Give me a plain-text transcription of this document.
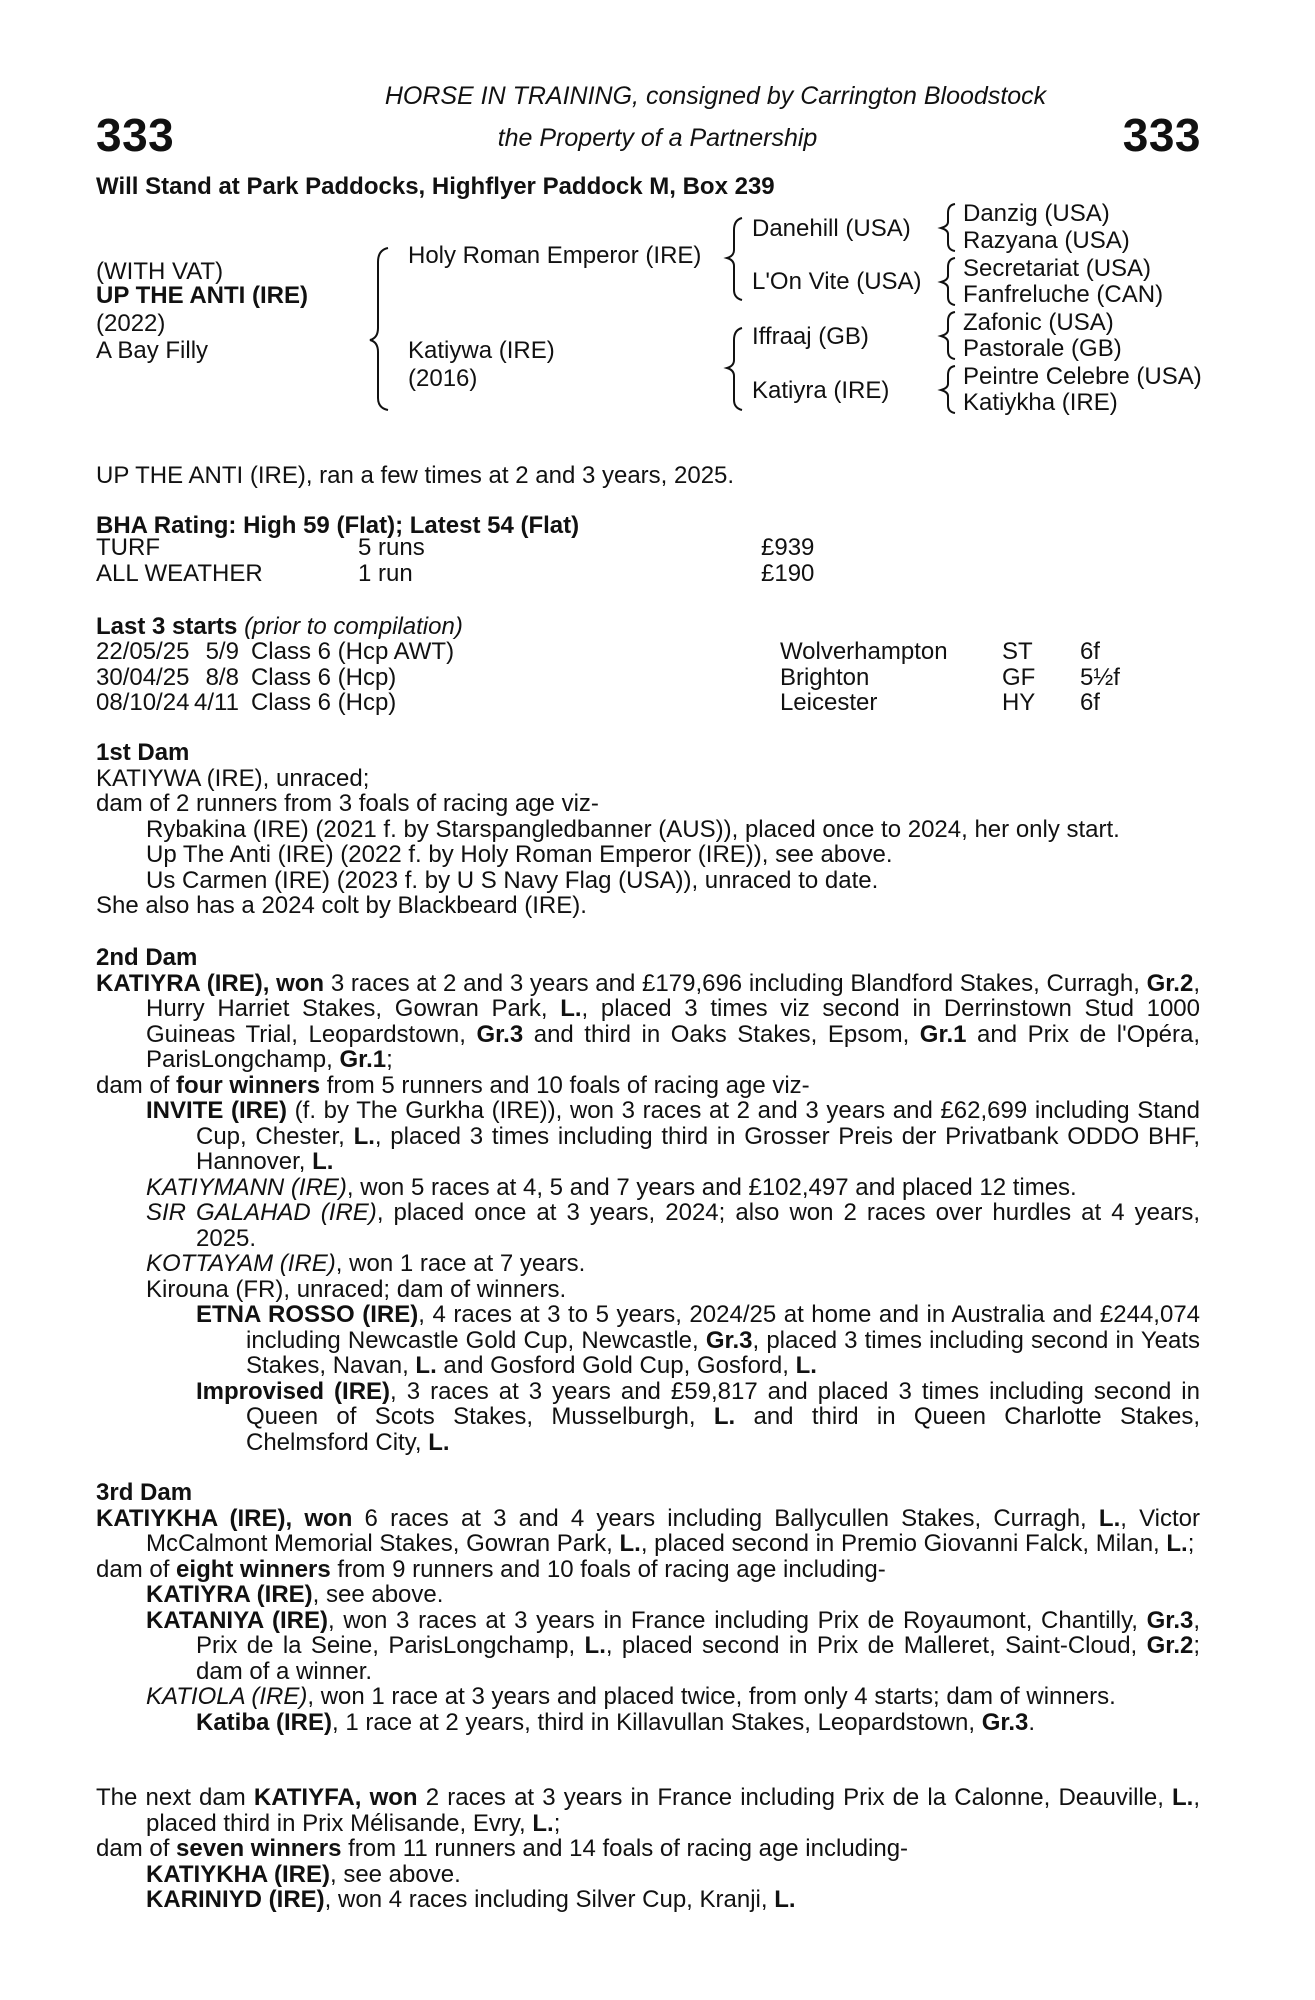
333	333
HORSE IN TRAINING, consigned by Carrington Bloodstock
the Property of a Partnership
Will Stand at Park Paddocks, Highflyer Paddock M, Box 239
(WITH VAT)
UP THE ANTI (IRE)
(2022)
A Bay Filly
Holy Roman Emperor (IRE)
Katiywa (IRE)
(2016)
Danehill (USA)
L'On Vite (USA)
Iffraaj (GB)
Katiyra (IRE)
Danzig (USA)
Razyana (USA)
Secretariat (USA)
Fanfreluche (CAN)
Zafonic (USA)
Pastorale (GB)
Peintre Celebre (USA)
Katiykha (IRE)
UP THE ANTI (IRE), ran a few times at 2 and 3 years, 2025.
BHA Rating: High 59 (Flat); Latest 54 (Flat)
TURF	5 runs	£939
ALL WEATHER	1 run	£190
Last 3 starts (prior to compilation)
22/05/25	5/9	Class 6 (Hcp AWT)	Wolverhampton	ST	6f
30/04/25	8/8	Class 6 (Hcp)	Brighton	GF	5½f
08/10/24	4/11	Class 6 (Hcp)	Leicester	HY	6f

1st Dam

KATIYWA (IRE), unraced;

dam of 2 runners from 3 foals of racing age viz-

Rybakina (IRE) (2021 f. by Starspangledbanner (AUS)), placed once to 2024, her only start.

Up The Anti (IRE) (2022 f. by Holy Roman Emperor (IRE)), see above.

Us Carmen (IRE) (2023 f. by U S Navy Flag (USA)), unraced to date.

She also has a 2024 colt by Blackbeard (IRE).

2nd Dam

KATIYRA (IRE), won 3 races at 2 and 3 years and £179,696 including Blandford Stakes, Curragh, Gr.2, Hurry Harriet Stakes, Gowran Park, L., placed 3 times viz second in Derrinstown Stud 1000 Guineas Trial, Leopardstown, Gr.3 and third in Oaks Stakes, Epsom, Gr.1 and Prix de l'Opéra, ParisLongchamp, Gr.1;

dam of four winners from 5 runners and 10 foals of racing age viz-

INVITE (IRE) (f. by The Gurkha (IRE)), won 3 races at 2 and 3 years and £62,699 including Stand Cup, Chester, L., placed 3 times including third in Grosser Preis der Privatbank ODDO BHF, Hannover, L.

KATIYMANN (IRE), won 5 races at 4, 5 and 7 years and £102,497 and placed 12 times.

SIR GALAHAD (IRE), placed once at 3 years, 2024; also won 2 races over hurdles at 4 years, 2025.

KOTTAYAM (IRE), won 1 race at 7 years.

Kirouna (FR), unraced; dam of winners.

ETNA ROSSO (IRE), 4 races at 3 to 5 years, 2024/25 at home and in Australia and £244,074 including Newcastle Gold Cup, Newcastle, Gr.3, placed 3 times including second in Yeats Stakes, Navan, L. and Gosford Gold Cup, Gosford, L.

Improvised (IRE), 3 races at 3 years and £59,817 and placed 3 times including second in Queen of Scots Stakes, Musselburgh, L. and third in Queen Charlotte Stakes, Chelmsford City, L.

3rd Dam

KATIYKHA (IRE), won 6 races at 3 and 4 years including Ballycullen Stakes, Curragh, L., Victor McCalmont Memorial Stakes, Gowran Park, L., placed second in Premio Giovanni Falck, Milan, L.;

dam of eight winners from 9 runners and 10 foals of racing age including-

KATIYRA (IRE), see above.

KATANIYA (IRE), won 3 races at 3 years in France including Prix de Royaumont, Chantilly, Gr.3, Prix de la Seine, ParisLongchamp, L., placed second in Prix de Malleret, Saint-Cloud, Gr.2; dam of a winner.

KATIOLA (IRE), won 1 race at 3 years and placed twice, from only 4 starts; dam of winners.

Katiba (IRE), 1 race at 2 years, third in Killavullan Stakes, Leopardstown, Gr.3.

The next dam KATIYFA, won 2 races at 3 years in France including Prix de la Calonne, Deauville, L., placed third in Prix Mélisande, Evry, L.;

dam of seven winners from 11 runners and 14 foals of racing age including-

KATIYKHA (IRE), see above.

KARINIYD (IRE), won 4 races including Silver Cup, Kranji, L.
